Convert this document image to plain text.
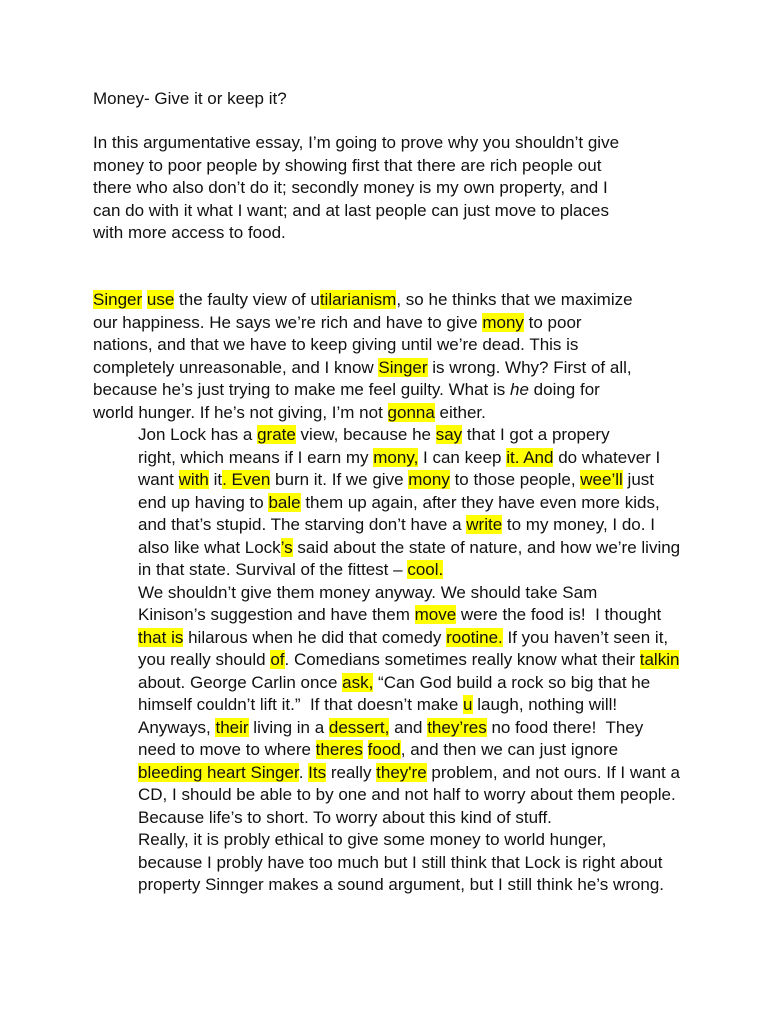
Money- Give it or keep it?

In this argumentative essay, I’m going to prove why you shouldn’t give
money to poor people by showing first that there are rich people out
there who also don’t do it; secondly money is my own property, and I
can do with it what I want; and at last people can just move to places
with more access to food.

Singer use the faulty view of utilarianism, so he thinks that we maximize
our happiness. He says we’re rich and have to give mony to poor
nations, and that we have to keep giving until we’re dead. This is
completely unreasonable, and I know Singer is wrong. Why? First of all,
because he’s just trying to make me feel guilty. What is he doing for
world hunger. If he’s not giving, I’m not gonna either.

Jon Lock has a grate view, because he say that I got a propery
right, which means if I earn my mony, I can keep it. And do whatever I
want with it. Even burn it. If we give mony to those people, wee’ll just
end up having to bale them up again, after they have even more kids,
and that’s stupid. The starving don’t have a write to my money, I do. I
also like what Lock’s said about the state of nature, and how we’re living
in that state. Survival of the fittest – cool.

We shouldn’t give them money anyway. We should take Sam
Kinison’s suggestion and have them move were the food is!  I thought
that is hilarous when he did that comedy rootine. If you haven’t seen it,
you really should of. Comedians sometimes really know what their talkin
about. George Carlin once ask, “Can God build a rock so big that he
himself couldn’t lift it.”  If that doesn’t make u laugh, nothing will!
Anyways, their living in a dessert, and they’res no food there!  They
need to move to where theres food, and then we can just ignore
bleeding heart Singer. Its really they're problem, and not ours. If I want a
CD, I should be able to by one and not half to worry about them people.
Because life’s to short. To worry about this kind of stuff.

Really, it is probly ethical to give some money to world hunger,
because I probly have too much but I still think that Lock is right about
property Sinnger makes a sound argument, but I still think he’s wrong.
